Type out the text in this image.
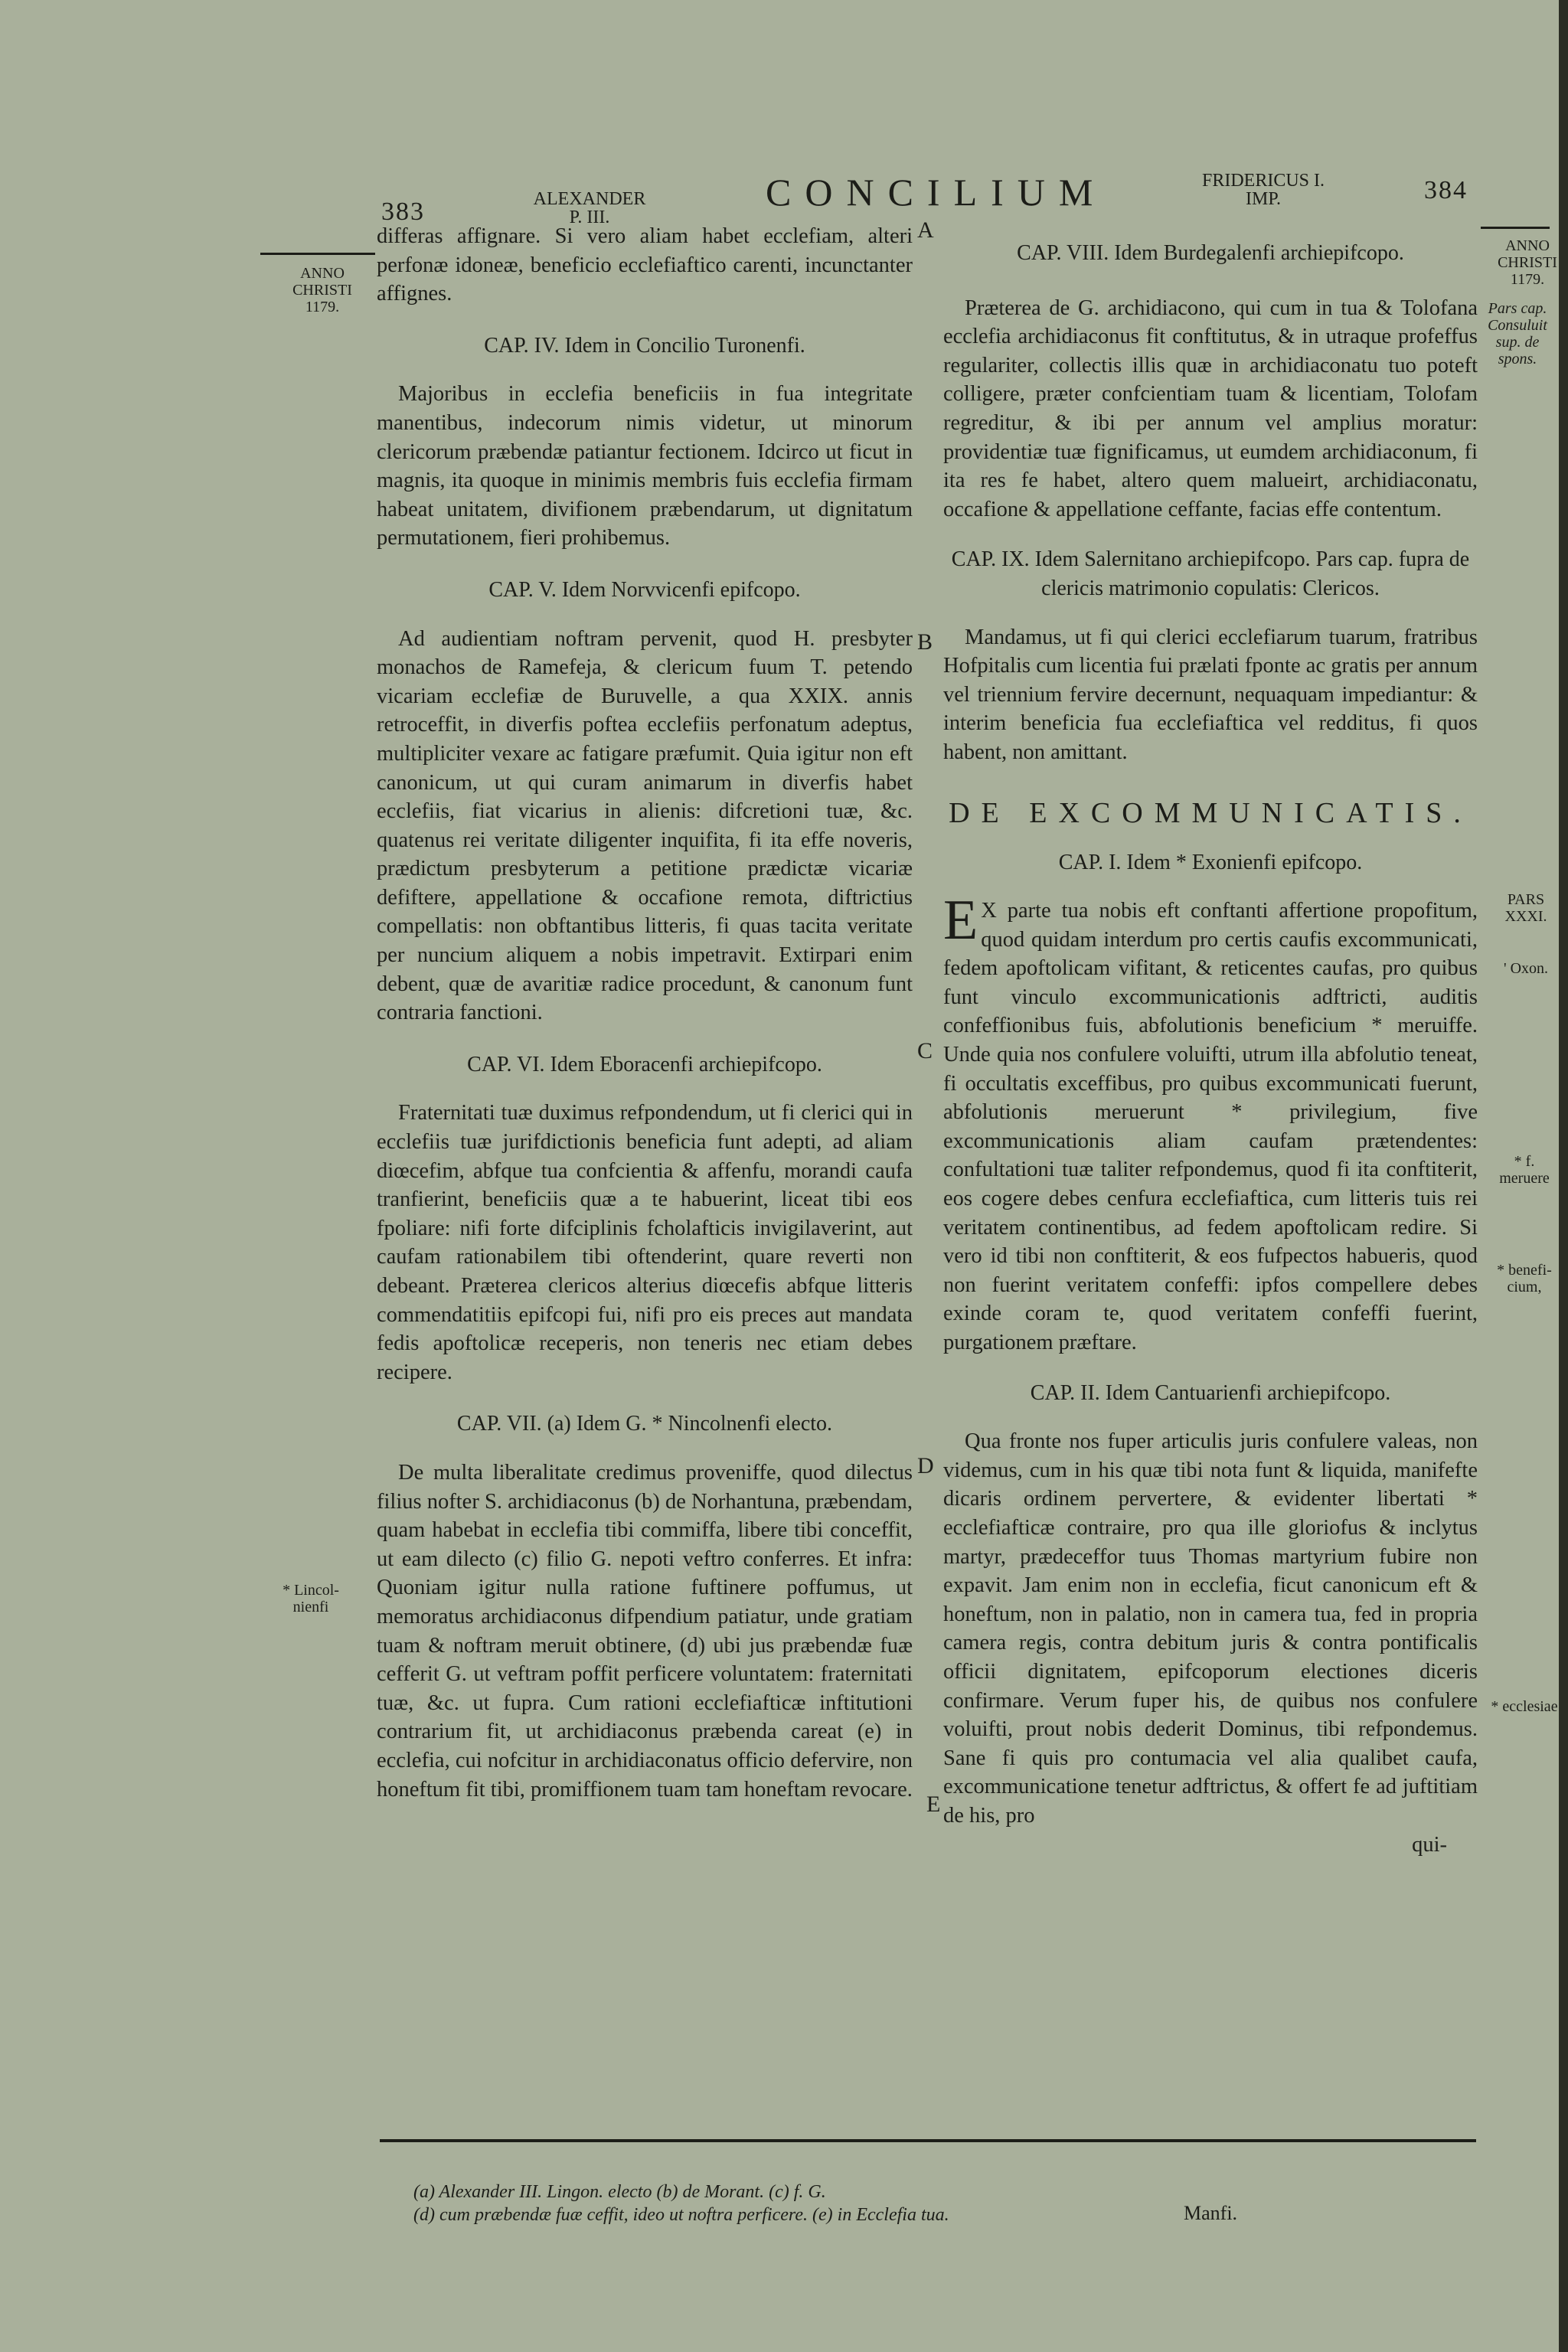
383	ALEXANDER
P. III.
CONCILIUM	FRIDERICUS I.
IMP.	384
ANNO CHRISTI 1179.
ANNO CHRISTI 1179.
Pars cap. Consuluit sup. de spons.
* Lincol-nienfi
PARS XXXI.
' Oxon.
* f. meruere
* benefi-cium,
* ecclesiae
A
B
C
D
E

differas affignare. Si vero aliam habet ecclefiam, alteri perfonæ idoneæ, beneficio ecclefiaftico carenti, incunctanter affignes.

CAP. IV. Idem in Concilio Turonenfi.

Majoribus in ecclefia beneficiis in fua integritate manentibus, indecorum nimis videtur, ut minorum clericorum præbendæ patiantur fectionem. Idcirco ut ficut in magnis, ita quoque in minimis membris fuis ecclefia firmam habeat unitatem, divifionem præbendarum, ut dignitatum permutationem, fieri prohibemus.

CAP. V. Idem Norvvicenfi epifcopo.

Ad audientiam noftram pervenit, quod H. presbyter monachos de Ramefeja, & clericum fuum T. petendo vicariam ecclefiæ de Buruvelle, a qua XXIX. annis retroceffit, in diverfis poftea ecclefiis perfonatum adeptus, multipliciter vexare ac fatigare præfumit. Quia igitur non eft canonicum, ut qui curam animarum in diverfis habet ecclefiis, fiat vicarius in alienis: difcretioni tuæ, &c. quatenus rei veritate diligenter inquifita, fi ita effe noveris, prædictum presbyterum a petitione prædictæ vicariæ defiftere, appellatione & occafione remota, diftrictius compellatis: non obftantibus litteris, fi quas tacita veritate per nuncium aliquem a nobis impetravit. Extirpari enim debent, quæ de avaritiæ radice procedunt, & canonum funt contraria fanctioni.

CAP. VI. Idem Eboracenfi archiepifcopo.

Fraternitati tuæ duximus refpondendum, ut fi clerici qui in ecclefiis tuæ jurifdictionis beneficia funt adepti, ad aliam diœcefim, abfque tua confcientia & affenfu, morandi caufa tranfierint, beneficiis quæ a te habuerint, liceat tibi eos fpoliare: nifi forte difciplinis fcholafticis invigilaverint, aut caufam rationabilem tibi oftenderint, quare reverti non debeant. Præterea clericos alterius diœcefis abfque litteris commendatitiis epifcopi fui, nifi pro eis preces aut mandata fedis apoftolicæ receperis, non teneris nec etiam debes recipere.

CAP. VII. (a) Idem G. * Nincolnenfi electo.

De multa liberalitate credimus proveniffe, quod dilectus filius nofter S. archidiaconus (b) de Norhantuna, præbendam, quam habebat in ecclefia tibi commiffa, libere tibi conceffit, ut eam dilecto (c) filio G. nepoti veftro conferres. Et infra: Quoniam igitur nulla ratione fuftinere poffumus, ut memoratus archidiaconus difpendium patiatur, unde gratiam tuam & noftram meruit obtinere, (d) ubi jus præbendæ fuæ cefferit G. ut veftram poffit perficere voluntatem: fraternitati tuæ, &c. ut fupra. Cum rationi ecclefiafticæ inftitutioni contrarium fit, ut archidiaconus præbenda careat (e) in ecclefia, cui nofcitur in archidiaconatus officio defervire, non honeftum fit tibi, promiffionem tuam tam honeftam revocare.

CAP. VIII. Idem Burdegalenfi archiepifcopo.

Præterea de G. archidiacono, qui cum in tua & Tolofana ecclefia archidiaconus fit conftitutus, & in utraque profeffus regulariter, collectis illis quæ in archidiaconatu tuo poteft colligere, præter confcientiam tuam & licentiam, Tolofam regreditur, & ibi per annum vel amplius moratur: providentiæ tuæ fignificamus, ut eumdem archidiaconum, fi ita res fe habet, altero quem malueirt, archidiaconatu, occafione & appellatione ceffante, facias effe contentum.

CAP. IX. Idem Salernitano archiepifcopo. Pars cap. fupra de clericis matrimonio copulatis: Clericos.

Mandamus, ut fi qui clerici ecclefiarum tuarum, fratribus Hofpitalis cum licentia fui prælati fponte ac gratis per annum vel triennium fervire decernunt, nequaquam impediantur: & interim beneficia fua ecclefiaftica vel redditus, fi quos habent, non amittant.

DE EXCOMMUNICATIS.
CAP. I. Idem * Exonienfi epifcopo.

E X parte tua nobis eft conftanti affertione propofitum, quod quidam interdum pro certis caufis excommunicati, fedem apoftolicam vifitant, & reticentes caufas, pro quibus funt vinculo excommunicationis adftricti, auditis confeffionibus fuis, abfolutionis beneficium * meruiffe. Unde quia nos confulere voluifti, utrum illa abfolutio teneat, fi occultatis exceffibus, pro quibus excommunicati fuerunt, abfolutionis meruerunt * privilegium, five excommunicationis aliam caufam prætendentes: confultationi tuæ taliter refpondemus, quod fi ita conftiterit, eos cogere debes cenfura ecclefiaftica, cum litteris tuis rei veritatem continentibus, ad fedem apoftolicam redire. Si vero id tibi non conftiterit, & eos fufpectos habueris, quod non fuerint veritatem confeffi: ipfos compellere debes exinde coram te, quod veritatem confeffi fuerint, purgationem præftare.

CAP. II. Idem Cantuarienfi archiepifcopo.

Qua fronte nos fuper articulis juris confulere valeas, non videmus, cum in his quæ tibi nota funt & liquida, manifefte dicaris ordinem pervertere, & evidenter libertati * ecclefiafticæ contraire, pro qua ille gloriofus & inclytus martyr, prædeceffor tuus Thomas martyrium fubire non expavit. Jam enim non in ecclefia, ficut canonicum eft & honeftum, non in palatio, non in camera tua, fed in propria camera regis, contra debitum juris & contra pontificalis officii dignitatem, epifcoporum electiones diceris confirmare. Verum fuper his, de quibus nos confulere voluifti, prout nobis dederit Dominus, tibi refpondemus. Sane fi quis pro contumacia vel alia qualibet caufa, excommunicatione tenetur adftrictus, & offert fe ad juftitiam de his, pro

qui-
(a) Alexander III. Lingon. electo (b) de Morant. (c) f. G.
(d) cum præbendæ fuæ ceffit, ideo ut noftra perficere. (e) in Ecclefia tua.	Manfi.
